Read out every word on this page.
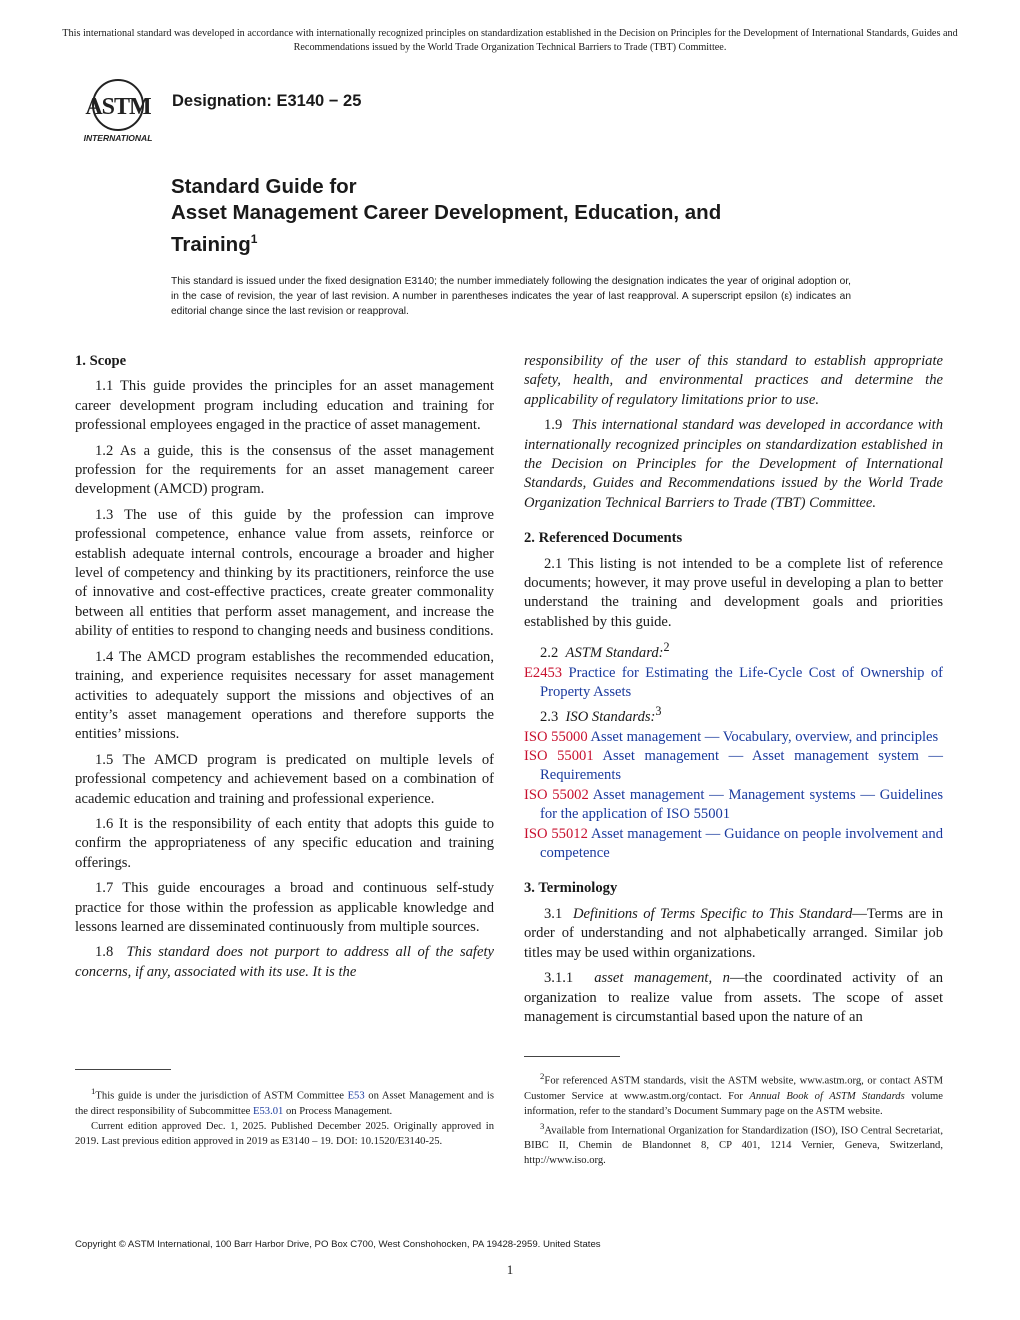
This international standard was developed in accordance with internationally recognized principles on standardization established in the Decision on Principles for the Development of International Standards, Guides and Recommendations issued by the World Trade Organization Technical Barriers to Trade (TBT) Committee.
ASTM
INTERNATIONAL
Designation: E3140 − 25
Standard Guide for
Asset Management Career Development, Education, and
Training$^1$
This standard is issued under the fixed designation E3140; the number immediately following the designation indicates the year of original adoption or, in the case of revision, the year of last revision. A number in parentheses indicates the year of last reapproval. A superscript epsilon (ε) indicates an editorial change since the last revision or reapproval.
1. Scope

1.1 This guide provides the principles for an asset management career development program including education and training for professional employees engaged in the practice of asset management.

1.2 As a guide, this is the consensus of the asset management profession for the requirements for an asset management career development (AMCD) program.

1.3 The use of this guide by the profession can improve professional competence, enhance value from assets, reinforce or establish adequate internal controls, encourage a broader and higher level of competency and thinking by its practitioners, reinforce the use of innovative and cost-effective practices, create greater commonality between all entities that perform asset management, and increase the ability of entities to respond to changing needs and business conditions.

1.4 The AMCD program establishes the recommended education, training, and experience requisites necessary for asset management activities to adequately support the missions and objectives of an entity’s asset management operations and therefore supports the entities’ missions.

1.5 The AMCD program is predicated on multiple levels of professional competency and achievement based on a combination of academic education and training and professional experience.

1.6 It is the responsibility of each entity that adopts this guide to confirm the appropriateness of any specific education and training offerings.

1.7 This guide encourages a broad and continuous self-study practice for those within the profession as applicable knowledge and lessons learned are disseminated continuously from multiple sources.

1.8 This standard does not purport to address all of the safety concerns, if any, associated with its use. It is the

responsibility of the user of this standard to establish appropriate safety, health, and environmental practices and determine the applicability of regulatory limitations prior to use.

1.9 This international standard was developed in accordance with internationally recognized principles on standardization established in the Decision on Principles for the Development of International Standards, Guides and Recommendations issued by the World Trade Organization Technical Barriers to Trade (TBT) Committee.

2. Referenced Documents

2.1 This listing is not intended to be a complete list of reference documents; however, it may prove useful in developing a plan to better understand the training and development goals and priorities established by this guide.

2.2 ASTM Standard:$^2$
E2453 Practice for Estimating the Life-Cycle Cost of Ownership of Property Assets
2.3 ISO Standards:$^3$
ISO 55000 Asset management — Vocabulary, overview, and principles
ISO 55001 Asset management — Asset management system — Requirements
ISO 55002 Asset management — Management systems — Guidelines for the application of ISO 55001
ISO 55012 Asset management — Guidance on people involvement and competence
3. Terminology

3.1 Definitions of Terms Specific to This Standard—Terms are in order of understanding and not alphabetically arranged. Similar job titles may be used within organizations.

3.1.1 asset management, n—the coordinated activity of an organization to realize value from assets. The scope of asset management is circumstantial based upon the nature of an

$^1$This guide is under the jurisdiction of ASTM Committee E53 on Asset Management and is the direct responsibility of Subcommittee E53.01 on Process Management.

Current edition approved Dec. 1, 2025. Published December 2025. Originally approved in 2019. Last previous edition approved in 2019 as E3140 – 19. DOI: 10.1520/E3140-25.

$^2$For referenced ASTM standards, visit the ASTM website, www.astm.org, or contact ASTM Customer Service at www.astm.org/contact. For Annual Book of ASTM Standards volume information, refer to the standard’s Document Summary page on the ASTM website.

$^3$Available from International Organization for Standardization (ISO), ISO Central Secretariat, BIBC II, Chemin de Blandonnet 8, CP 401, 1214 Vernier, Geneva, Switzerland, http://www.iso.org.

Copyright © ASTM International, 100 Barr Harbor Drive, PO Box C700, West Conshohocken, PA 19428-2959. United States
1
